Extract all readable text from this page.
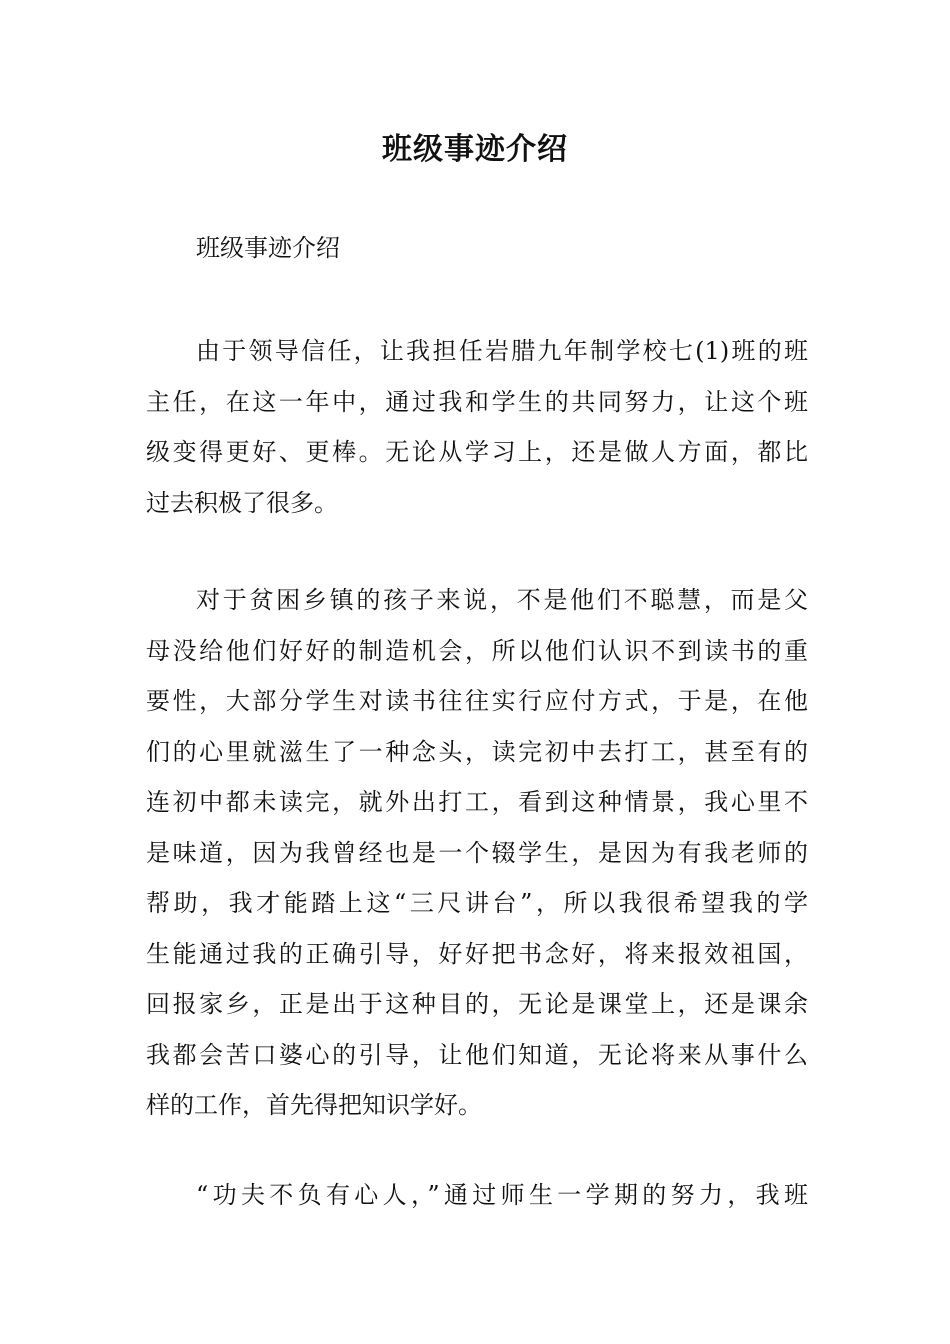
班级事迹介绍
班级事迹介绍
由于领导信任，让我担任岩腊九年制学校七(1)班的班
主任，在这一年中，通过我和学生的共同努力，让这个班
级变得更好、更棒。无论从学习上，还是做人方面，都比
过去积极了很多。
对于贫困乡镇的孩子来说，不是他们不聪慧，而是父
母没给他们好好的制造机会，所以他们认识不到读书的重
要性，大部分学生对读书往往实行应付方式，于是，在他
们的心里就滋生了一种念头，读完初中去打工，甚至有的
连初中都未读完，就外出打工，看到这种情景，我心里不
是味道，因为我曾经也是一个辍学生，是因为有我老师的
帮助，我才能踏上这“三尺讲台”，所以我很希望我的学
生能通过我的正确引导，好好把书念好，将来报效祖国，
回报家乡，正是出于这种目的，无论是课堂上，还是课余
我都会苦口婆心的引导，让他们知道，无论将来从事什么
样的工作，首先得把知识学好。
“功夫不负有心人，”通过师生一学期的努力，我班
